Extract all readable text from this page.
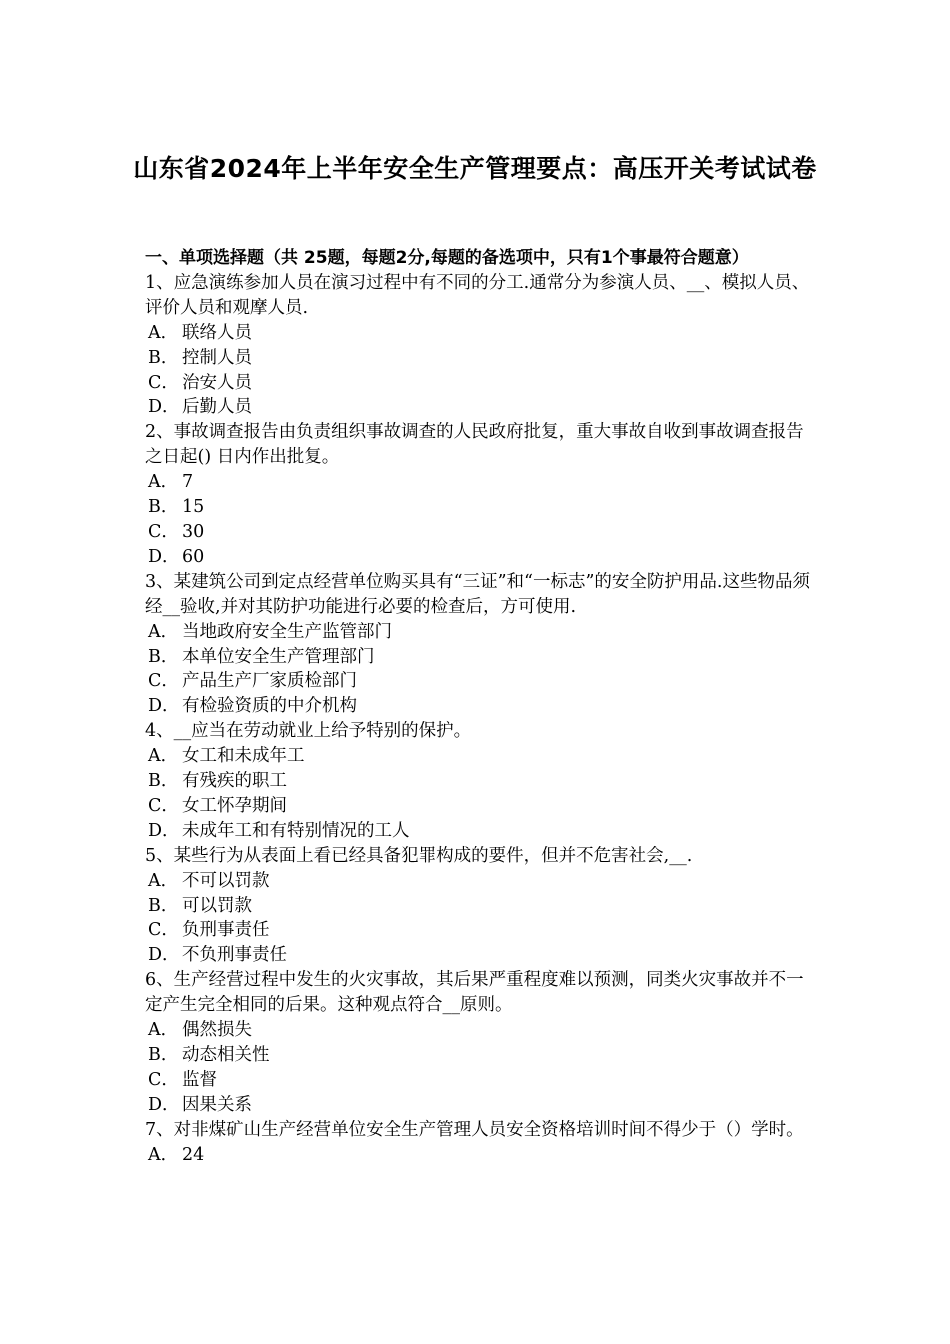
山东省2024年上半年安全生产管理要点：高压开关考试试卷
一、单项选择题（共 25题，每题2分,每题的备选项中，只有1个事最符合题意）

1、应急演练参加人员在演习过程中有不同的分工.通常分为参演人员、__、模拟人员、评价人员和观摩人员.

A． 联络人员

B． 控制人员

C． 治安人员

D． 后勤人员

2、事故调查报告由负责组织事故调查的人民政府批复，重大事故自收到事故调查报告之日起() 日内作出批复。

A． 7

B． 15

C． 30

D． 60

3、某建筑公司到定点经营单位购买具有“三证”和“一标志”的安全防护用品.这些物品须经__验收,并对其防护功能进行必要的检查后，方可使用.

A． 当地政府安全生产监管部门

B． 本单位安全生产管理部门

C． 产品生产厂家质检部门

D． 有检验资质的中介机构

4、__应当在劳动就业上给予特别的保护。

A． 女工和未成年工

B． 有残疾的职工

C． 女工怀孕期间

D． 未成年工和有特别情况的工人

5、某些行为从表面上看已经具备犯罪构成的要件，但并不危害社会,__.

A． 不可以罚款

B． 可以罚款

C． 负刑事责任

D． 不负刑事责任

6、生产经营过程中发生的火灾事故，其后果严重程度难以预测，同类火灾事故并不一定产生完全相同的后果。这种观点符合__原则。

A． 偶然损失

B． 动态相关性

C． 监督

D． 因果关系

7、对非煤矿山生产经营单位安全生产管理人员安全资格培训时间不得少于（）学时。

A． 24
